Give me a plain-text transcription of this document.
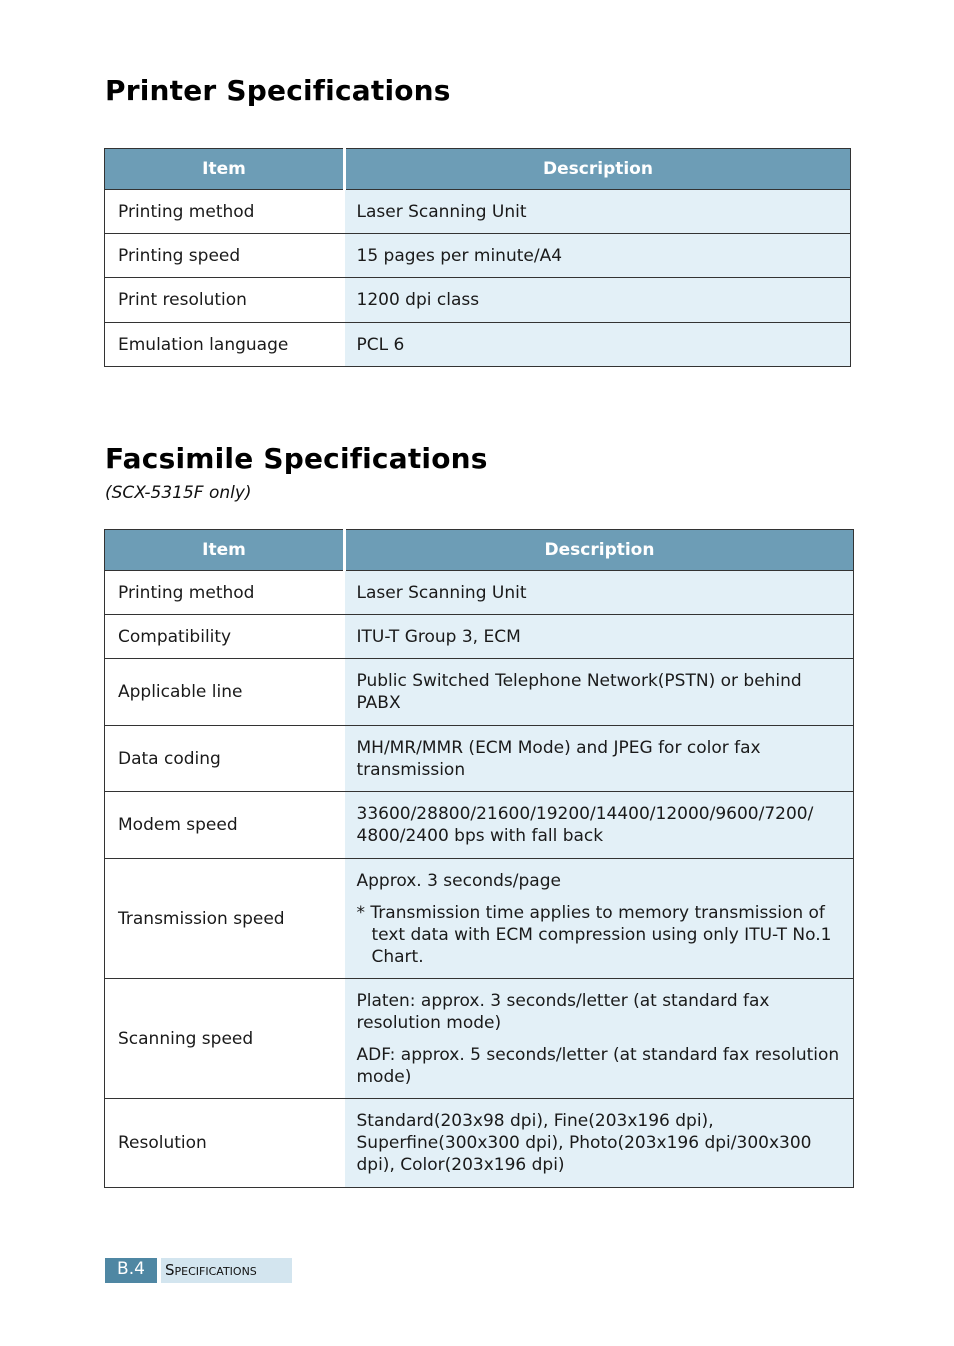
Printer Specifications
Item	Description
Printing method	Laser Scanning Unit
Printing speed	15 pages per minute/A4
Print resolution	1200 dpi class
Emulation language	PCL 6
Facsimile Specifications

(SCX-5315F only)

Item	Description
Printing method	Laser Scanning Unit
Compatibility	ITU-T Group 3, ECM
Applicable line	Public Switched Telephone Network(PSTN) or behind PABX
Data coding	MH/MR/MMR (ECM Mode) and JPEG for color fax transmission
Modem speed	33600/28800/21600/19200/14400/12000/9600/7200/ 4800/2400 bps with fall back
Transmission speed	Approx. 3 seconds/page
* Transmission time applies to memory transmission of text data with ECM compression using only ITU-T No.1 Chart.

Scanning speed	Platen: approx. 3 seconds/letter (at standard fax resolution mode)
ADF: approx. 5 seconds/letter (at standard fax resolution mode)

Resolution	Standard(203x98 dpi), Fine(203x196 dpi), Superfine(300x300 dpi), Photo(203x196 dpi/300x300 dpi), Color(203x196 dpi)
B.4	Specifications
